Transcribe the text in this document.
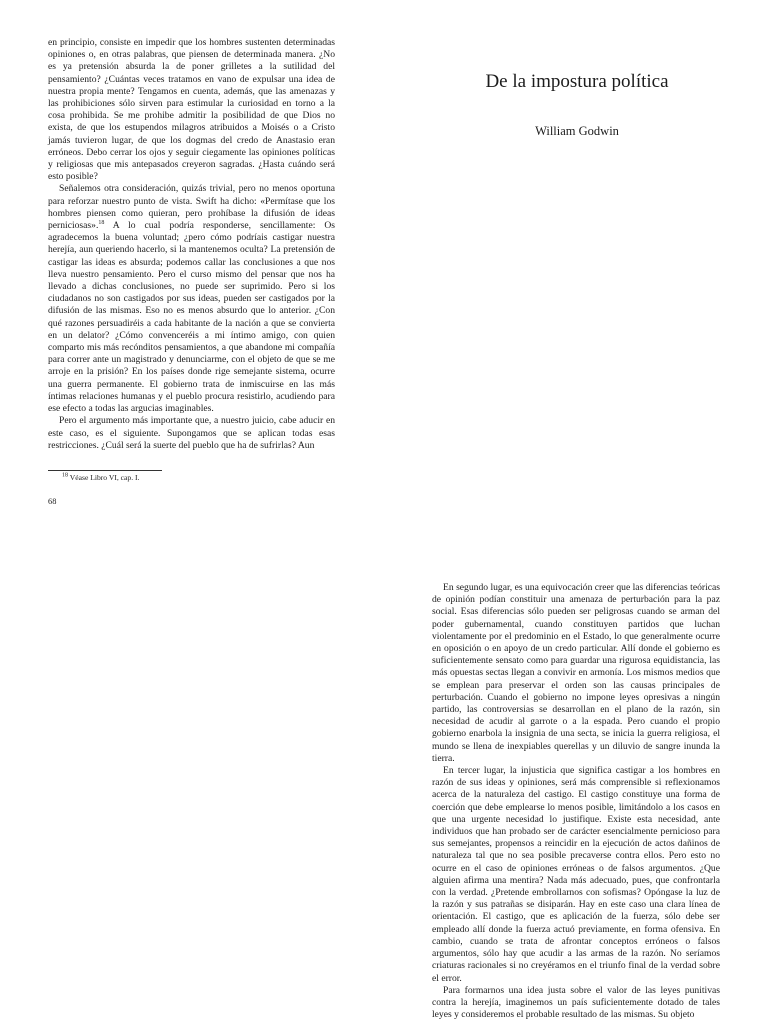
en principio, consiste en impedir que los hombres sustenten determinadas opiniones o, en otras palabras, que piensen de determinada manera. ¿No es ya pretensión absurda la de poner grilletes a la sutilidad del pensamiento? ¿Cuántas veces tratamos en vano de expulsar una idea de nuestra propia mente? Tengamos en cuenta, además, que las amenazas y las prohibiciones sólo sirven para estimular la curiosidad en torno a la cosa prohibida. Se me prohibe admitir la posibilidad de que Dios no exista, de que los estupendos milagros atribuidos a Moisés o a Cristo jamás tuvieron lugar, de que los dogmas del credo de Anastasio eran erróneos. Debo cerrar los ojos y seguir ciegamente las opiniones políticas y religiosas que mis antepasados creyeron sagradas. ¿Hasta cuándo será esto posible?

Señalemos otra consideración, quizás trivial, pero no menos oportuna para reforzar nuestro punto de vista. Swift ha dicho: «Permítase que los hombres piensen como quieran, pero prohíbase la difusión de ideas perniciosas».$^{18}$ A lo cual podría responderse, sencillamente: Os agradecemos la buena voluntad; ¿pero cómo podríais castigar nuestra herejía, aun queriendo hacerlo, si la mantenemos oculta? La pretensión de castigar las ideas es absurda; podemos callar las conclusiones a que nos lleva nuestro pensamiento. Pero el curso mismo del pensar que nos ha llevado a dichas conclusiones, no puede ser suprimido. Pero si los ciudadanos no son castigados por sus ideas, pueden ser castigados por la difusión de las mismas. Eso no es menos absurdo que lo anterior. ¿Con qué razones persuadiréis a cada habitante de la nación a que se convierta en un delator? ¿Cómo convenceréis a mi íntimo amigo, con quien comparto mis más recónditos pensamientos, a que abandone mi compañía para correr ante un magistrado y denunciarme, con el objeto de que se me arroje en la prisión? En los países donde rige semejante sistema, ocurre una guerra permanente. El gobierno trata de inmiscuirse en las más íntimas relaciones humanas y el pueblo procura resistirlo, acudiendo para ese efecto a todas las argucias imaginables.

Pero el argumento más importante que, a nuestro juicio, cabe aducir en este caso, es el siguiente. Supongamos que se aplican todas esas restricciones. ¿Cuál será la suerte del pueblo que ha de sufrirlas? Aun

$^{18}$ Véase Libro VI, cap. I.
68
De la impostura política
William Godwin

En segundo lugar, es una equivocación creer que las diferencias teóricas de opinión podían constituir una amenaza de perturbación para la paz social. Esas diferencias sólo pueden ser peligrosas cuando se arman del poder gubernamental, cuando constituyen partidos que luchan violentamente por el predominio en el Estado, lo que generalmente ocurre en oposición o en apoyo de un credo particular. Allí donde el gobierno es suficientemente sensato como para guardar una rigurosa equidistancia, las más opuestas sectas llegan a convivir en armonía. Los mismos medios que se emplean para preservar el orden son las causas principales de perturbación. Cuando el gobierno no impone leyes opresivas a ningún partido, las controversias se desarrollan en el plano de la razón, sin necesidad de acudir al garrote o a la espada. Pero cuando el propio gobierno enarbola la insignia de una secta, se inicia la guerra religiosa, el mundo se llena de inexpiables querellas y un diluvio de sangre inunda la tierra.

En tercer lugar, la injusticia que significa castigar a los hombres en razón de sus ideas y opiniones, será más comprensible si reflexionamos acerca de la naturaleza del castigo. El castigo constituye una forma de coerción que debe emplearse lo menos posible, limitándolo a los casos en que una urgente necesidad lo justifique. Existe esta necesidad, ante individuos que han probado ser de carácter esencialmente pernicioso para sus semejantes, propensos a reincidir en la ejecución de actos dañinos de naturaleza tal que no sea posible precaverse contra ellos. Pero esto no ocurre en el caso de opiniones erróneas o de falsos argumentos. ¿Que alguien afirma una mentira? Nada más adecuado, pues, que confrontarla con la verdad. ¿Pretende embrollarnos con sofismas? Opóngase la luz de la razón y sus patrañas se disiparán. Hay en este caso una clara línea de orientación. El castigo, que es aplicación de la fuerza, sólo debe ser empleado allí donde la fuerza actuó previamente, en forma ofensiva. En cambio, cuando se trata de afrontar conceptos erróneos o falsos argumentos, sólo hay que acudir a las armas de la razón. No seríamos criaturas racionales si no creyéramos en el triunfo final de la verdad sobre el error.

Para formarnos una idea justa sobre el valor de las leyes punitivas contra la herejía, imaginemos un país suficientemente dotado de tales leyes y consideremos el probable resultado de las mismas. Su objeto
